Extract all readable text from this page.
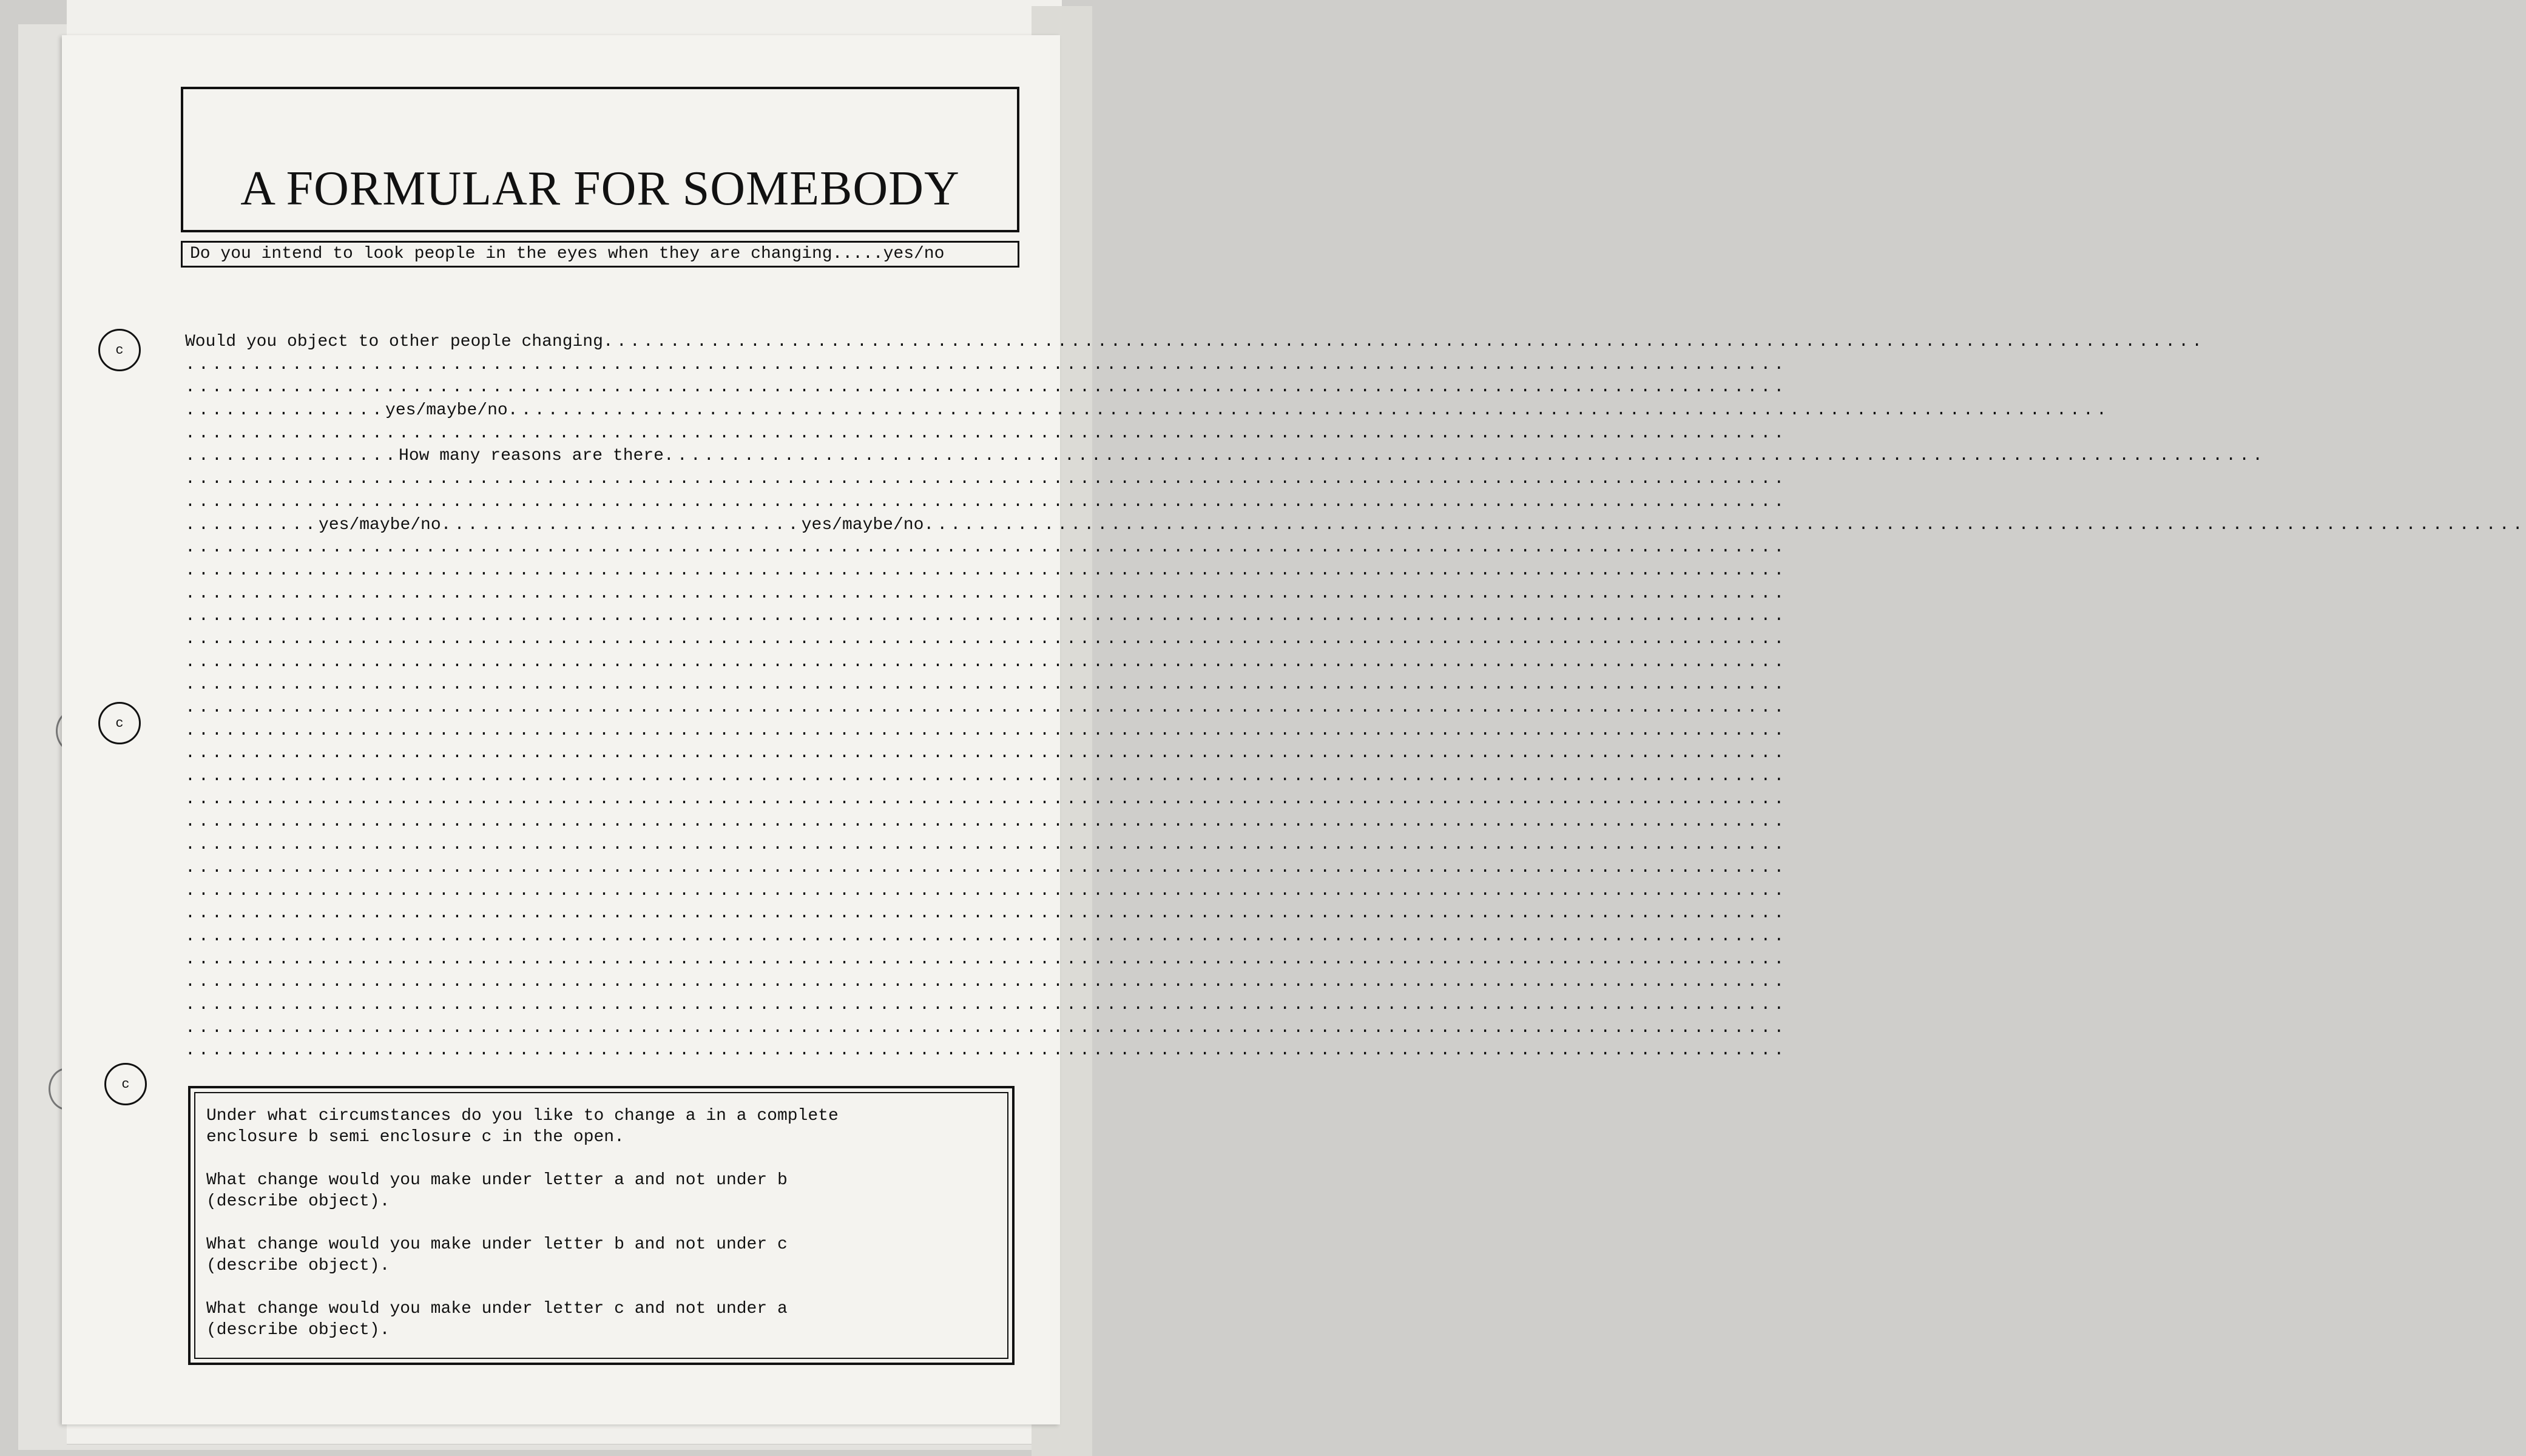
c
c
c
A FORMULAR FOR SOMEBODY
Do you intend to look people in the eyes when they are changing.....yes/no
Would you object to other people changing........................................................................................................................
........................................................................................................................
........................................................................................................................
...............yes/maybe/no........................................................................................................................
........................................................................................................................
................How many reasons are there........................................................................................................................
........................................................................................................................
........................................................................................................................
..........yes/maybe/no...........................yes/maybe/no........................................................................................................................
........................................................................................................................
........................................................................................................................
........................................................................................................................
........................................................................................................................
........................................................................................................................
........................................................................................................................
........................................................................................................................
........................................................................................................................
........................................................................................................................
........................................................................................................................
........................................................................................................................
........................................................................................................................
........................................................................................................................
........................................................................................................................
........................................................................................................................
........................................................................................................................
........................................................................................................................
........................................................................................................................
........................................................................................................................
........................................................................................................................
........................................................................................................................
........................................................................................................................
........................................................................................................................
Under what circumstances do you like to change a in a complete
enclosure b semi enclosure c in the open.
What change would you make under letter a and not under b
(describe object).
What change would you make under letter b and not under c
(describe object).
What change would you make under letter c and not under a
(describe object).
